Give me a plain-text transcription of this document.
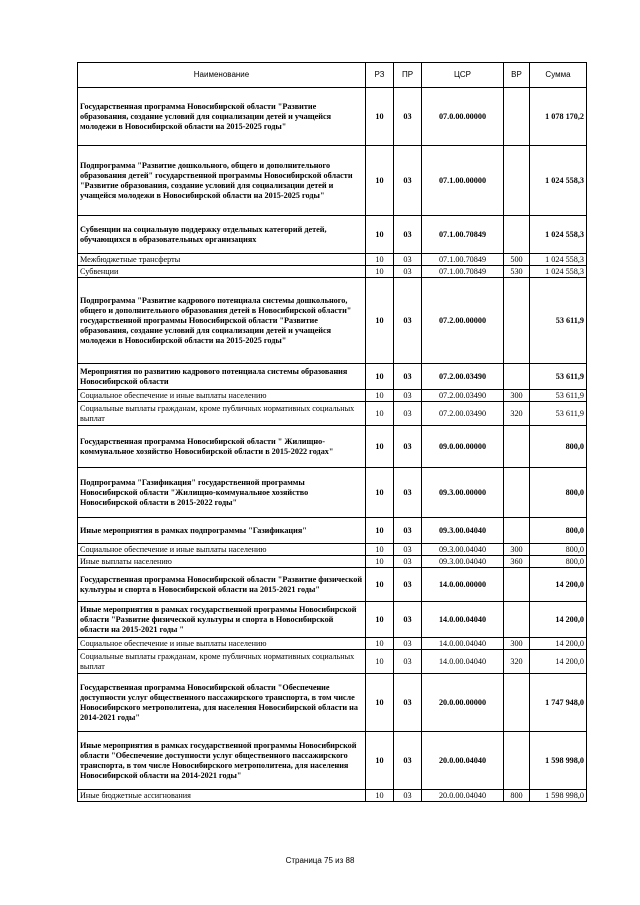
Наименование	РЗ	ПР	ЦСР	ВР	Сумма
Государственная программа Новосибирской области "Развитие образования, создание условий для социализации детей и учащейся молодежи в Новосибирской области на 2015-2025 годы"	10	03	07.0.00.00000		1 078 170,2
Подпрограмма "Развитие дошкольного, общего и дополнительного образования детей" государственной программы Новосибирской области "Развитие образования, создание условий для социализации детей и учащейся молодежи в Новосибирской области на 2015-2025 годы"	10	03	07.1.00.00000		1 024 558,3
Субвенции на социальную поддержку отдельных категорий детей, обучающихся в образовательных организациях	10	03	07.1.00.70849		1 024 558,3
Межбюджетные трансферты	10	03	07.1.00.70849	500	1 024 558,3
Субвенции	10	03	07.1.00.70849	530	1 024 558,3
Подпрограмма "Развитие кадрового потенциала системы дошкольного, общего и дополнительного образования детей в Новосибирской области" государственной программы Новосибирской области "Развитие образования, создание условий для социализации детей и учащейся молодежи в Новосибирской области на 2015-2025 годы"	10	03	07.2.00.00000		53 611,9
Мероприятия по развитию кадрового потенциала системы образования Новосибирской области	10	03	07.2.00.03490		53 611,9
Социальное обеспечение и иные выплаты населению	10	03	07.2.00.03490	300	53 611,9
Социальные выплаты гражданам, кроме публичных нормативных социальных выплат	10	03	07.2.00.03490	320	53 611,9
Государственная программа Новосибирской области " Жилищно-коммунальное хозяйство Новосибирской области в 2015-2022 годах"	10	03	09.0.00.00000		800,0
Подпрограмма "Газификация" государственной программы Новосибирской области "Жилищно-коммунальное хозяйство Новосибирской области в 2015-2022 годы"	10	03	09.3.00.00000		800,0
Иные мероприятия в рамках подпрограммы "Газификация"	10	03	09.3.00.04040		800,0
Социальное обеспечение и иные выплаты населению	10	03	09.3.00.04040	300	800,0
Иные выплаты населению	10	03	09.3.00.04040	360	800,0
Государственная программа Новосибирской области "Развитие физической культуры и спорта в Новосибирской области на 2015-2021 годы"	10	03	14.0.00.00000		14 200,0
Иные мероприятия в рамках государственной программы Новосибирской области "Развитие физической культуры и спорта в Новосибирской области на 2015-2021 годы "	10	03	14.0.00.04040		14 200,0
Социальное обеспечение и иные выплаты населению	10	03	14.0.00.04040	300	14 200,0
Социальные выплаты гражданам, кроме публичных нормативных социальных выплат	10	03	14.0.00.04040	320	14 200,0
Государственная программа Новосибирской области "Обеспечение доступности услуг общественного пассажирского транспорта, в том числе Новосибирского метрополитена, для населения Новосибирской области на 2014-2021 годы"	10	03	20.0.00.00000		1 747 948,0
Иные мероприятия в рамках государственной программы Новосибирской области "Обеспечение доступности услуг общественного пассажирского транспорта, в том числе Новосибирского метрополитена, для населения Новосибирской области на 2014-2021 годы"	10	03	20.0.00.04040		1 598 998,0
Иные бюджетные ассигнования	10	03	20.0.00.04040	800	1 598 998,0
Страница 75 из 88
